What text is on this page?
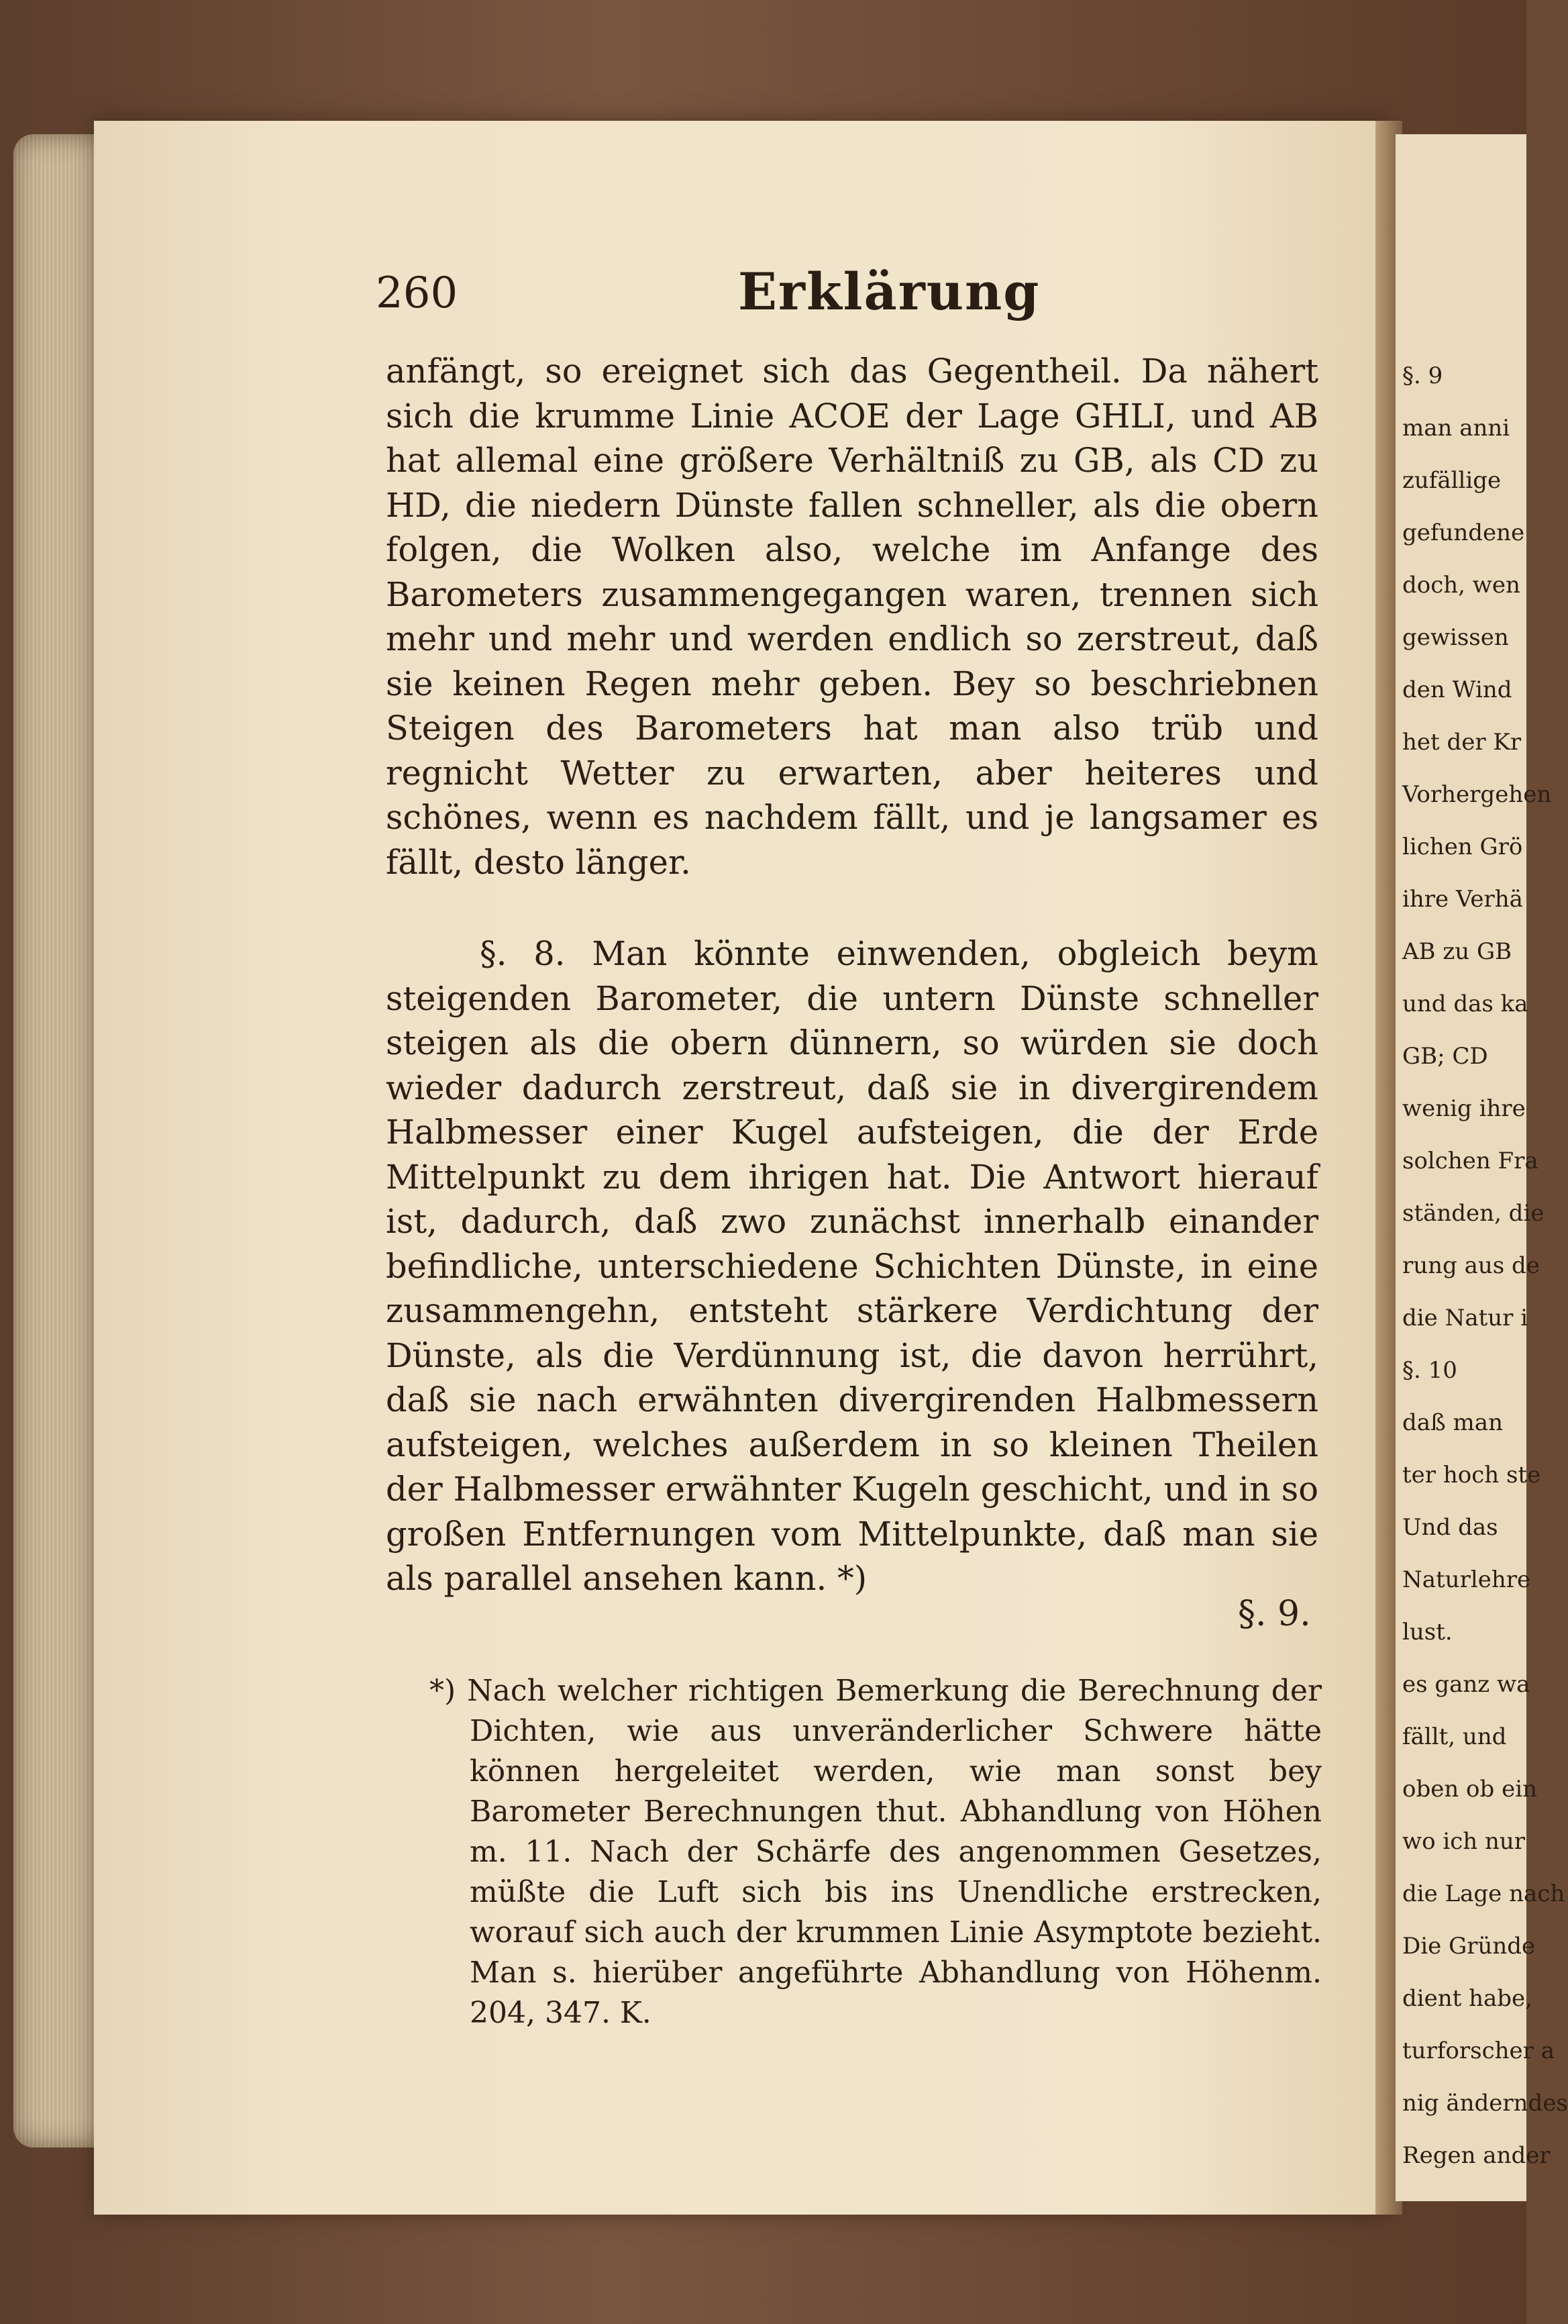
§. 9
man anni
zufällige
gefundene
doch, wen
gewissen
den Wind
het der Kr
Vorhergehen
lichen Grö
ihre Verhä
AB zu GB
und das ka
GB; CD
wenig ihre
solchen Fra
ständen, die
rung aus de
die Natur i
§. 10
daß man
ter hoch ste
Und das
Naturlehre
lust.
es ganz wa
fällt, und
oben ob ein
wo ich nur
die Lage nach
Die Gründe
dient habe,
turforscher a
nig änderndes
Regen ander
260	Erklärung

anfängt, so ereignet sich das Gegentheil. Da nähert sich die krumme Linie ACOE der Lage GHLI, und AB hat allemal eine größere Verhältniß zu GB, als CD zu HD, die niedern Dünste fallen schneller, als die obern folgen, die Wolken also, welche im Anfange des Barometers zusammengegangen waren, trennen sich mehr und mehr und werden endlich so zerstreut, daß sie keinen Regen mehr geben. Bey so beschriebnen Steigen des Barometers hat man also trüb und regnicht Wetter zu erwarten, aber heiteres und schönes, wenn es nachdem fällt, und je langsamer es fällt, desto länger.

§. 8. Man könnte einwenden, obgleich beym steigenden Barometer, die untern Dünste schneller steigen als die obern dünnern, so würden sie doch wieder dadurch zerstreut, daß sie in divergirendem Halbmesser einer Kugel aufsteigen, die der Erde Mittelpunkt zu dem ihrigen hat. Die Antwort hierauf ist, dadurch, daß zwo zunächst innerhalb einander befindliche, unterschiedene Schichten Dünste, in eine zusammengehn, entsteht stärkere Verdichtung der Dünste, als die Verdünnung ist, die davon herrührt, daß sie nach erwähnten divergirenden Halbmessern aufsteigen, welches außerdem in so kleinen Theilen der Halbmesser erwähnter Kugeln geschicht, und in so großen Entfernungen vom Mittelpunkte, daß man sie als parallel ansehen kann. *)

§. 9.

*) Nach welcher richtigen Bemerkung die Berechnung der Dichten, wie aus unveränderlicher Schwere hätte können hergeleitet werden, wie man sonst bey Barometer Berechnungen thut. Abhandlung von Höhen m. 11. Nach der Schärfe des angenommen Gesetzes, müßte die Luft sich bis ins Unendliche erstrecken, worauf sich auch der krummen Linie Asymptote bezieht. Man s. hierüber angeführte Abhandlung von Höhenm. 204, 347. K.
